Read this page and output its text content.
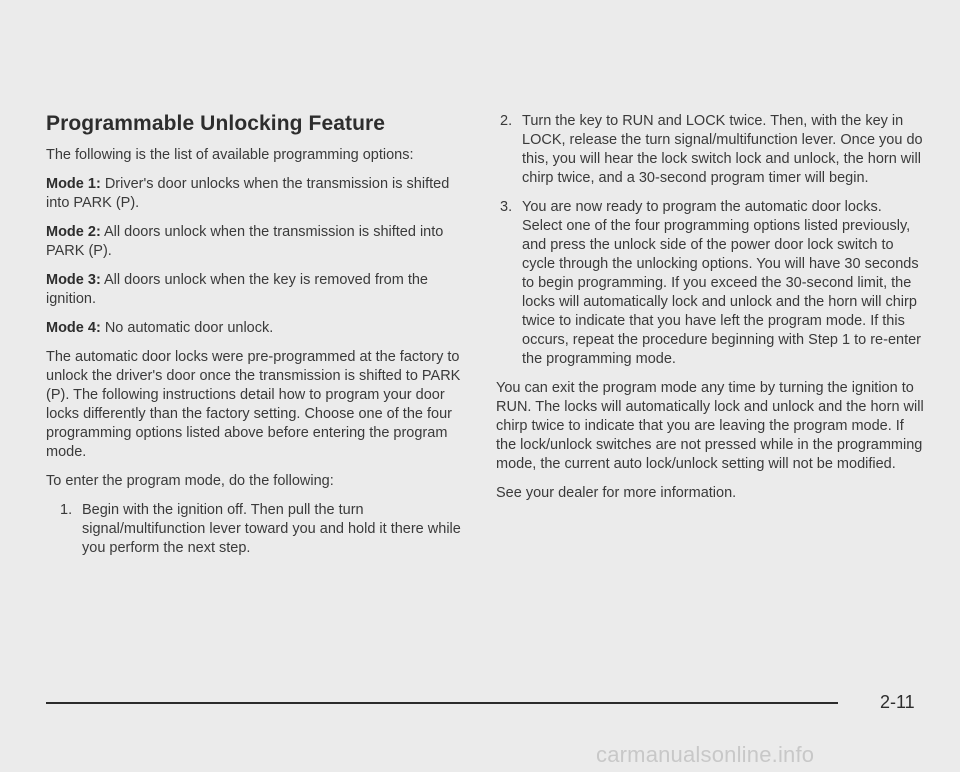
Programmable Unlocking Feature

The following is the list of available programming options:

Mode 1: Driver's door unlocks when the transmission is shifted into PARK (P).

Mode 2: All doors unlock when the transmission is shifted into PARK (P).

Mode 3: All doors unlock when the key is removed from the ignition.

Mode 4: No automatic door unlock.

The automatic door locks were pre-programmed at the factory to unlock the driver's door once the transmission is shifted to PARK (P). The following instructions detail how to program your door locks differently than the factory setting. Choose one of the four programming options listed above before entering the program mode.

To enter the program mode, do the following:

1. Begin with the ignition off. Then pull the turn signal/multifunction lever toward you and hold it there while you perform the next step.
2. Turn the key to RUN and LOCK twice. Then, with the key in LOCK, release the turn signal/multifunction lever. Once you do this, you will hear the lock switch lock and unlock, the horn will chirp twice, and a 30-second program timer will begin.
3. You are now ready to program the automatic door locks. Select one of the four programming options listed previously, and press the unlock side of the power door lock switch to cycle through the unlocking options. You will have 30 seconds to begin programming. If you exceed the 30-second limit, the locks will automatically lock and unlock and the horn will chirp twice to indicate that you have left the program mode. If this occurs, repeat the procedure beginning with Step 1 to re-enter the programming mode.

You can exit the program mode any time by turning the ignition to RUN. The locks will automatically lock and unlock and the horn will chirp twice to indicate that you are leaving the program mode. If the lock/unlock switches are not pressed while in the programming mode, the current auto lock/unlock setting will not be modified.

See your dealer for more information.

2-11
carmanualsonline.info
